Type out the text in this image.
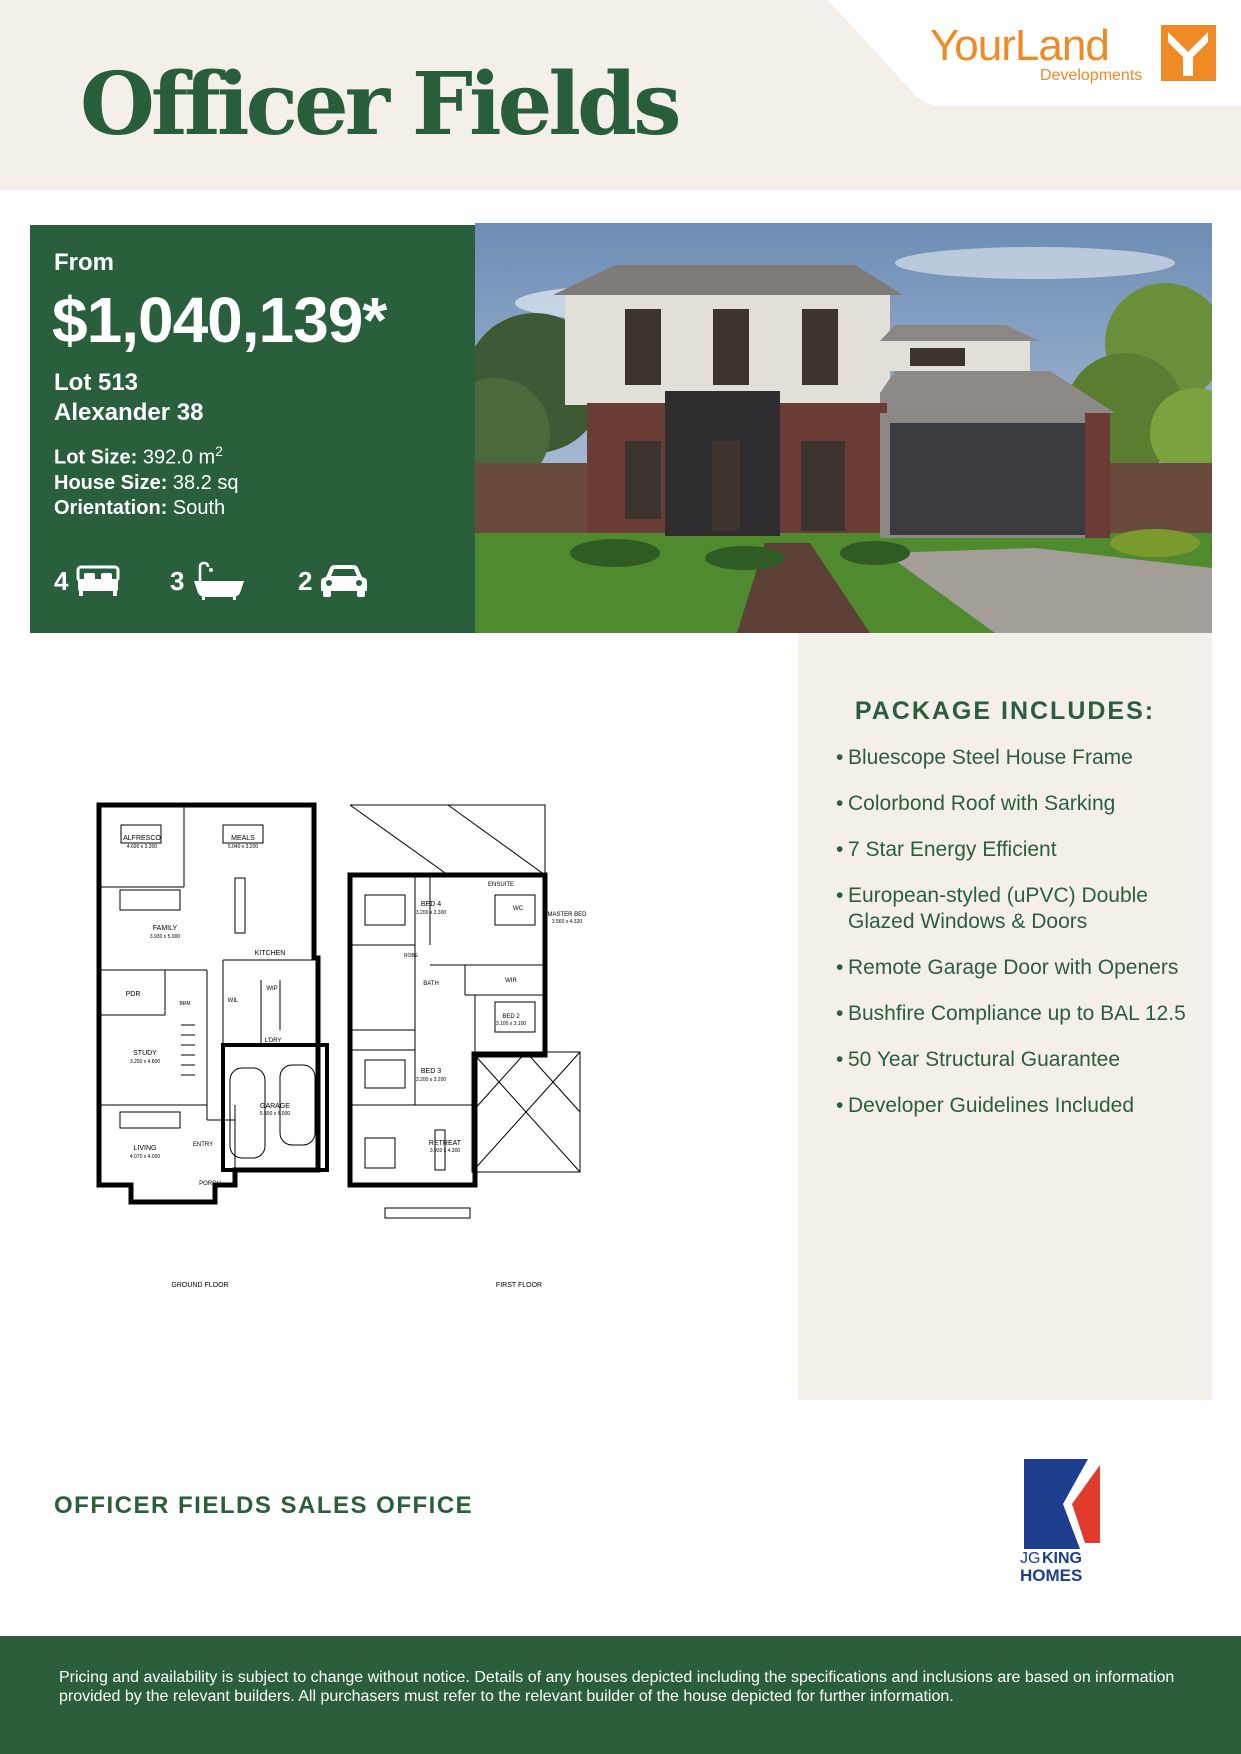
Officer Fields
YourLand
Developments
From
$1,040,139*
Lot 513
Alexander 38
Lot Size: 392.0 $m^2$
House Size: 38.2 sq
Orientation: South
4	3	2
ALFRESCO
4.690 x 3.300
MEALS
5.040 x 3.200
FAMILY
3.930 x 5.000
KITCHEN
PDR
BRM	WIL
WIP
L'DRY
STUDY
3.200 x 4.800
GARAGE
5.500 x 6.000
LIVING
4.070 x 4.000
ENTRY
PORCH
GROUND FLOOR
ENSUITE
WC
BED 4
3.200 x 3.300	MASTER BED
3.560 x 4.320
ROBE
BATH	WIR
BED 2
3.100 x 3.100
BED 3
3.200 x 3.200
RETREAT
3.930 x 4.300
FIRST FLOOR
PACKAGE INCLUDES:
• Bluescope Steel House Frame
• Colorbond Roof with Sarking
• 7 Star Energy Efficient
• European-styled (uPVC) Double Glazed Windows & Doors
• Remote Garage Door with Openers
• Bushfire Compliance up to BAL 12.5
• 50 Year Structural Guarantee
• Developer Guidelines Included
OFFICER FIELDS SALES OFFICE
JG KING
HOMES
Pricing and availability is subject to change without notice. Details of any houses depicted including the specifications and inclusions are based on information provided by the relevant builders. All purchasers must refer to the relevant builder of the house depicted for further information.
